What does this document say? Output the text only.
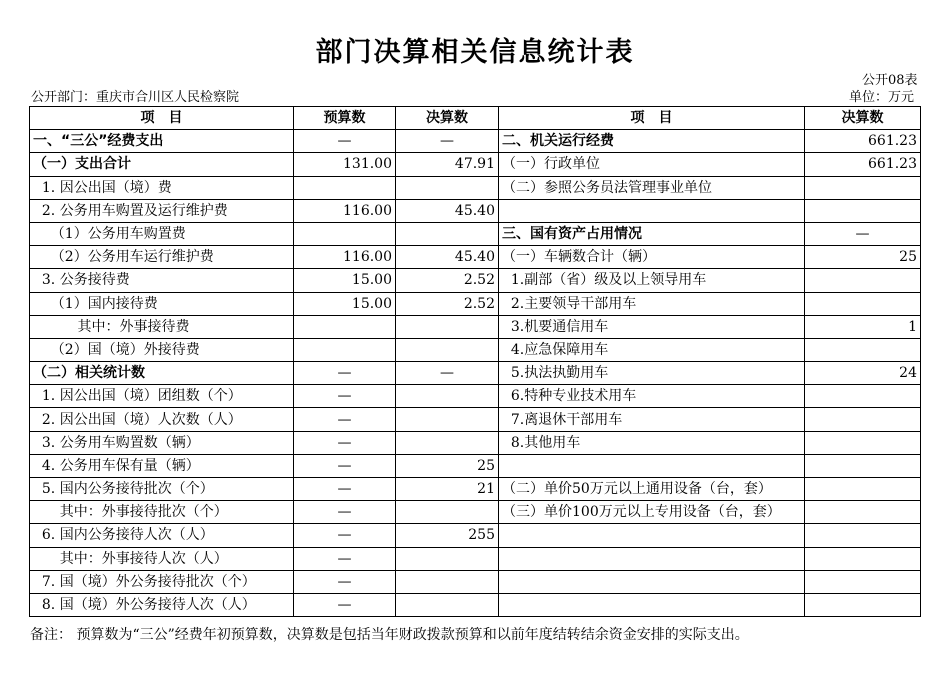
部门决算相关信息统计表
公开08表
公开部门：重庆市合川区人民检察院	单位：万元
项　目	预算数	决算数	项　目	决算数
一、“三公”经费支出	—	—	二、机关运行经费	661.23
（一）支出合计	131.00	47.91	（一）行政单位	661.23
1. 因公出国（境）费			（二）参照公务员法管理事业单位	
2. 公务用车购置及运行维护费	116.00	45.40		
（1）公务用车购置费			三、国有资产占用情况	—
（2）公务用车运行维护费	116.00	45.40	（一）车辆数合计（辆）	25
3. 公务接待费	15.00	2.52	1.副部（省）级及以上领导用车	
（1）国内接待费	15.00	2.52	2.主要领导干部用车	
其中：外事接待费			3.机要通信用车	1
（2）国（境）外接待费			4.应急保障用车	
（二）相关统计数	—	—	5.执法执勤用车	24
1. 因公出国（境）团组数（个）	—		6.特种专业技术用车	
2. 因公出国（境）人次数（人）	—		7.离退休干部用车	
3. 公务用车购置数（辆）	—		8.其他用车	
4. 公务用车保有量（辆）	—	25		
5. 国内公务接待批次（个）	—	21	（二）单价50万元以上通用设备（台，套）	
其中：外事接待批次（个）	—		（三）单价100万元以上专用设备（台，套）	
6. 国内公务接待人次（人）	—	255		
其中：外事接待人次（人）	—			
7. 国（境）外公务接待批次（个）	—			
8. 国（境）外公务接待人次（人）	—			
备注： 预算数为“三公”经费年初预算数，决算数是包括当年财政拨款预算和以前年度结转结余资金安排的实际支出。
